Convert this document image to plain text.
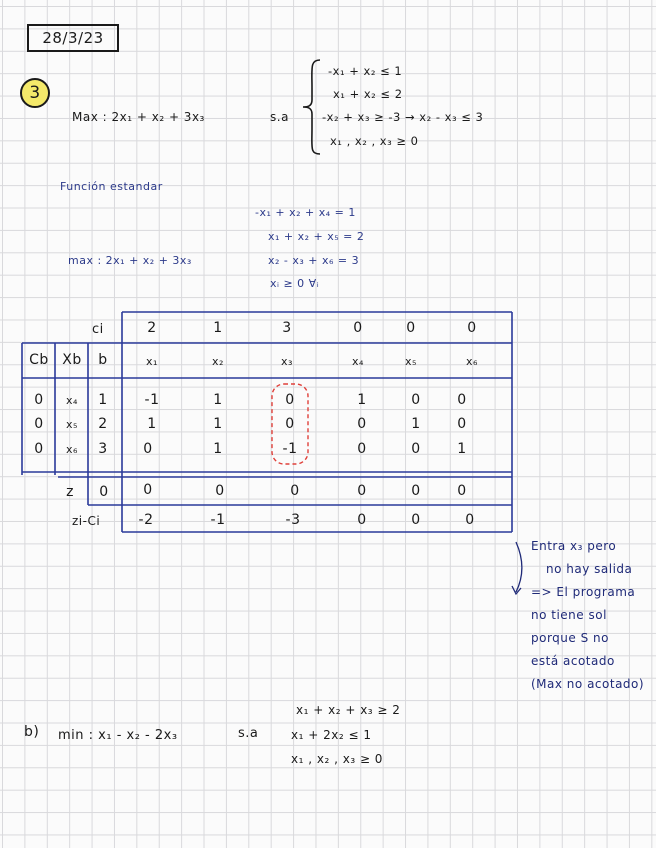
28/3/23
3
Max : 2x₁ + x₂ + 3x₃	s.a
-x₁ + x₂ ≤ 1
x₁ + x₂ ≤ 2
-x₂ + x₃ ≥ -3 → x₂ - x₃ ≤ 3
x₁ , x₂ , x₃ ≥ 0
Función estandar
-x₁ + x₂ + x₄ = 1
x₁ + x₂ + x₅ = 2
x₂ - x₃ + x₆ = 3
xᵢ ≥ 0 ∀ᵢ
max : 2x₁ + x₂ + 3x₃
ci	2	1	3	0	0	0
Cb Xb	b	x₁	x₂	x₃	x₄	x₅	x₆
0	x₄	1	-1	1	0	1	0	0
0	x₅	2	1	1	0	0	1	0
0	x₆	3	0	1	-1	0	0	1
z	0	0	0	0	0	0	0
zi-Ci	-2	-1	-3	0	0	0
Entra x₃ pero
no hay salida
=> El programa
no tiene sol
porque S no
está acotado
(Max no acotado)
b) min : x₁ - x₂ - 2x₃	s.a
x₁ + x₂ + x₃ ≥ 2
x₁ + 2x₂ ≤ 1
x₁ , x₂ , x₃ ≥ 0
